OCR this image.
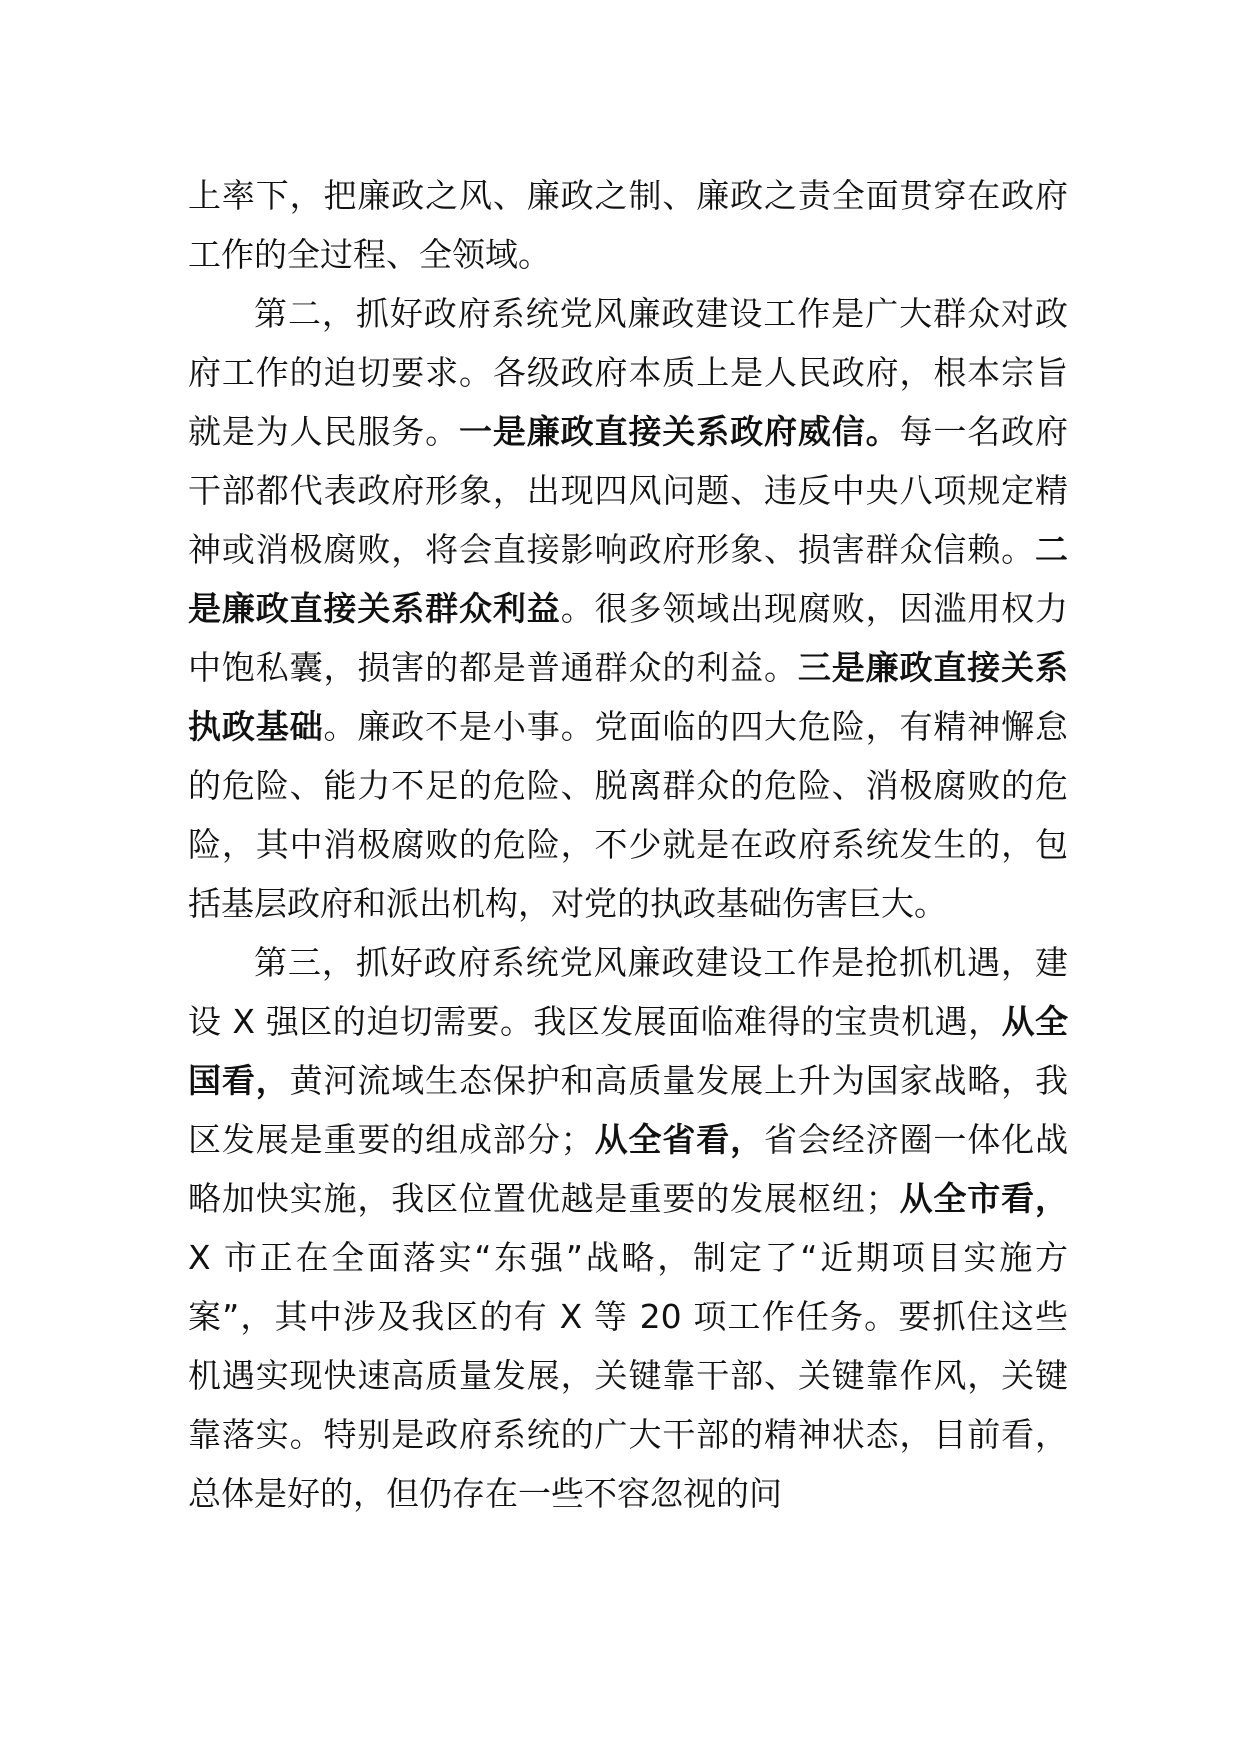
上率下，把廉政之风、廉政之制、廉政之责全面贯穿在政府工作的全过程、全领域。

第二，抓好政府系统党风廉政建设工作是广大群众对政府工作的迫切要求。各级政府本质上是人民政府，根本宗旨就是为人民服务。一是廉政直接关系政府威信。每一名政府干部都代表政府形象，出现四风问题、违反中央八项规定精神或消极腐败，将会直接影响政府形象、损害群众信赖。二是廉政直接关系群众利益。很多领域出现腐败，因滥用权力中饱私囊，损害的都是普通群众的利益。三是廉政直接关系执政基础。廉政不是小事。党面临的四大危险，有精神懈怠的危险、能力不足的危险、脱离群众的危险、消极腐败的危险，其中消极腐败的危险，不少就是在政府系统发生的，包括基层政府和派出机构，对党的执政基础伤害巨大。

第三，抓好政府系统党风廉政建设工作是抢抓机遇，建设 X 强区的迫切需要。我区发展面临难得的宝贵机遇，从全国看，黄河流域生态保护和高质量发展上升为国家战略，我区发展是重要的组成部分；从全省看，省会经济圈一体化战略加快实施，我区位置优越是重要的发展枢纽；从全市看，X 市正在全面落实“东强”战略，制定了“近期项目实施方案”，其中涉及我区的有 X 等 20 项工作任务。要抓住这些机遇实现快速高质量发展，关键靠干部、关键靠作风，关键靠落实。特别是政府系统的广大干部的精神状态，目前看，总体是好的，但仍存在一些不容忽视的问
